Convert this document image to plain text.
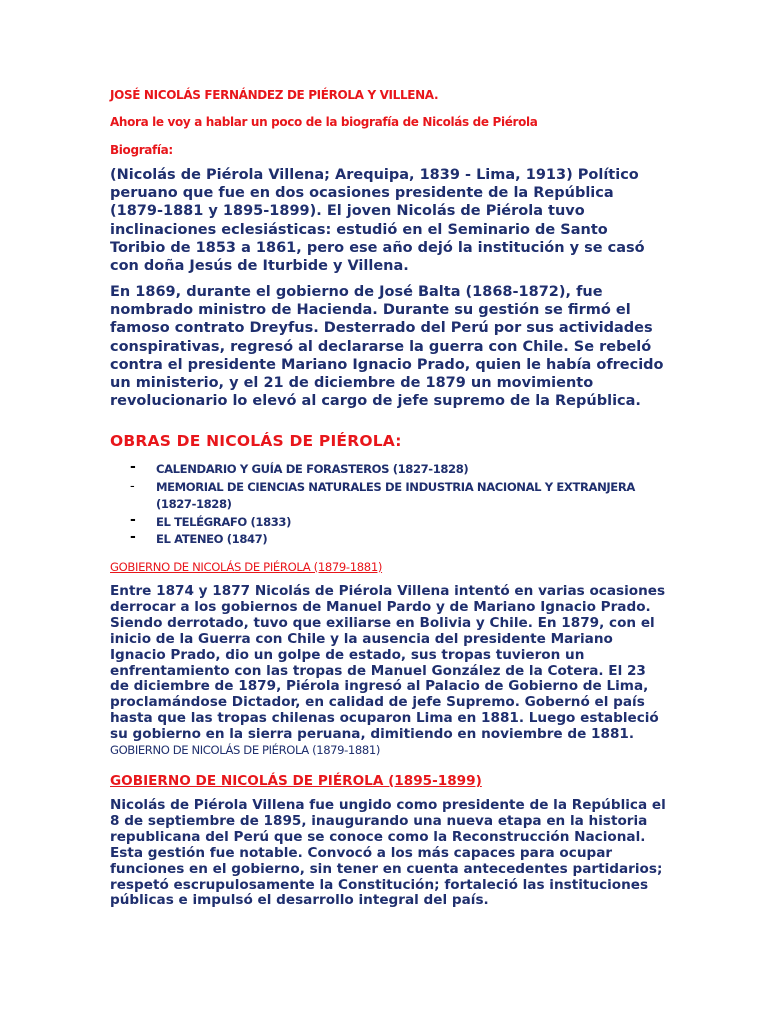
JOSÉ NICOLÁS FERNÁNDEZ DE PIÉROLA Y VILLENA.
Ahora le voy a hablar un poco de la biografía de Nicolás de Piérola
Biografía:

(Nicolás de Piérola Villena; Arequipa, 1839 - Lima, 1913) Político peruano que fue en dos ocasiones presidente de la República (1879-1881 y 1895-1899). El joven Nicolás de Piérola tuvo inclinaciones eclesiásticas: estudió en el Seminario de Santo Toribio de 1853 a 1861, pero ese año dejó la institución y se casó con doña Jesús de Iturbide y Villena.

En 1869, durante el gobierno de José Balta (1868-1872), fue nombrado ministro de Hacienda. Durante su gestión se firmó el famoso contrato Dreyfus. Desterrado del Perú por sus actividades conspirativas, regresó al declararse la guerra con Chile. Se rebeló contra el presidente Mariano Ignacio Prado, quien le había ofrecido un ministerio, y el 21 de diciembre de 1879 un movimiento revolucionario lo elevó al cargo de jefe supremo de la República.

OBRAS DE NICOLÁS DE PIÉROLA:
- CALENDARIO Y GUÍA DE FORASTEROS (1827-1828)
- MEMORIAL DE CIENCIAS NATURALES DE INDUSTRIA NACIONAL Y EXTRANJERA (1827-1828)
- EL TELÉGRAFO (1833)
- EL ATENEO (1847)
GOBIERNO DE NICOLÁS DE PIÉROLA (1879-1881)

Entre 1874 y 1877 Nicolás de Piérola Villena intentó en varias ocasiones derrocar a los gobiernos de Manuel Pardo y de Mariano Ignacio Prado. Siendo derrotado, tuvo que exiliarse en Bolivia y Chile. En 1879, con el inicio de la Guerra con Chile y la ausencia del presidente Mariano Ignacio Prado, dio un golpe de estado, sus tropas tuvieron un enfrentamiento con las tropas de Manuel González de la Cotera. El 23 de diciembre de 1879, Piérola ingresó al Palacio de Gobierno de Lima, proclamándose Dictador, en calidad de jefe Supremo. Gobernó el país hasta que las tropas chilenas ocuparon Lima en 1881. Luego estableció su gobierno en la sierra peruana, dimitiendo en noviembre de 1881. GOBIERNO DE NICOLÁS DE PIÉROLA (1879-1881)

GOBIERNO DE NICOLÁS DE PIÉROLA (1895-1899)

Nicolás de Piérola Villena fue ungido como presidente de la República el 8 de septiembre de 1895, inaugurando una nueva etapa en la historia republicana del Perú que se conoce como la Reconstrucción Nacional. Esta gestión fue notable. Convocó a los más capaces para ocupar funciones en el gobierno, sin tener en cuenta antecedentes partidarios; respetó escrupulosamente la Constitución; fortaleció las instituciones públicas e impulsó el desarrollo integral del país.
